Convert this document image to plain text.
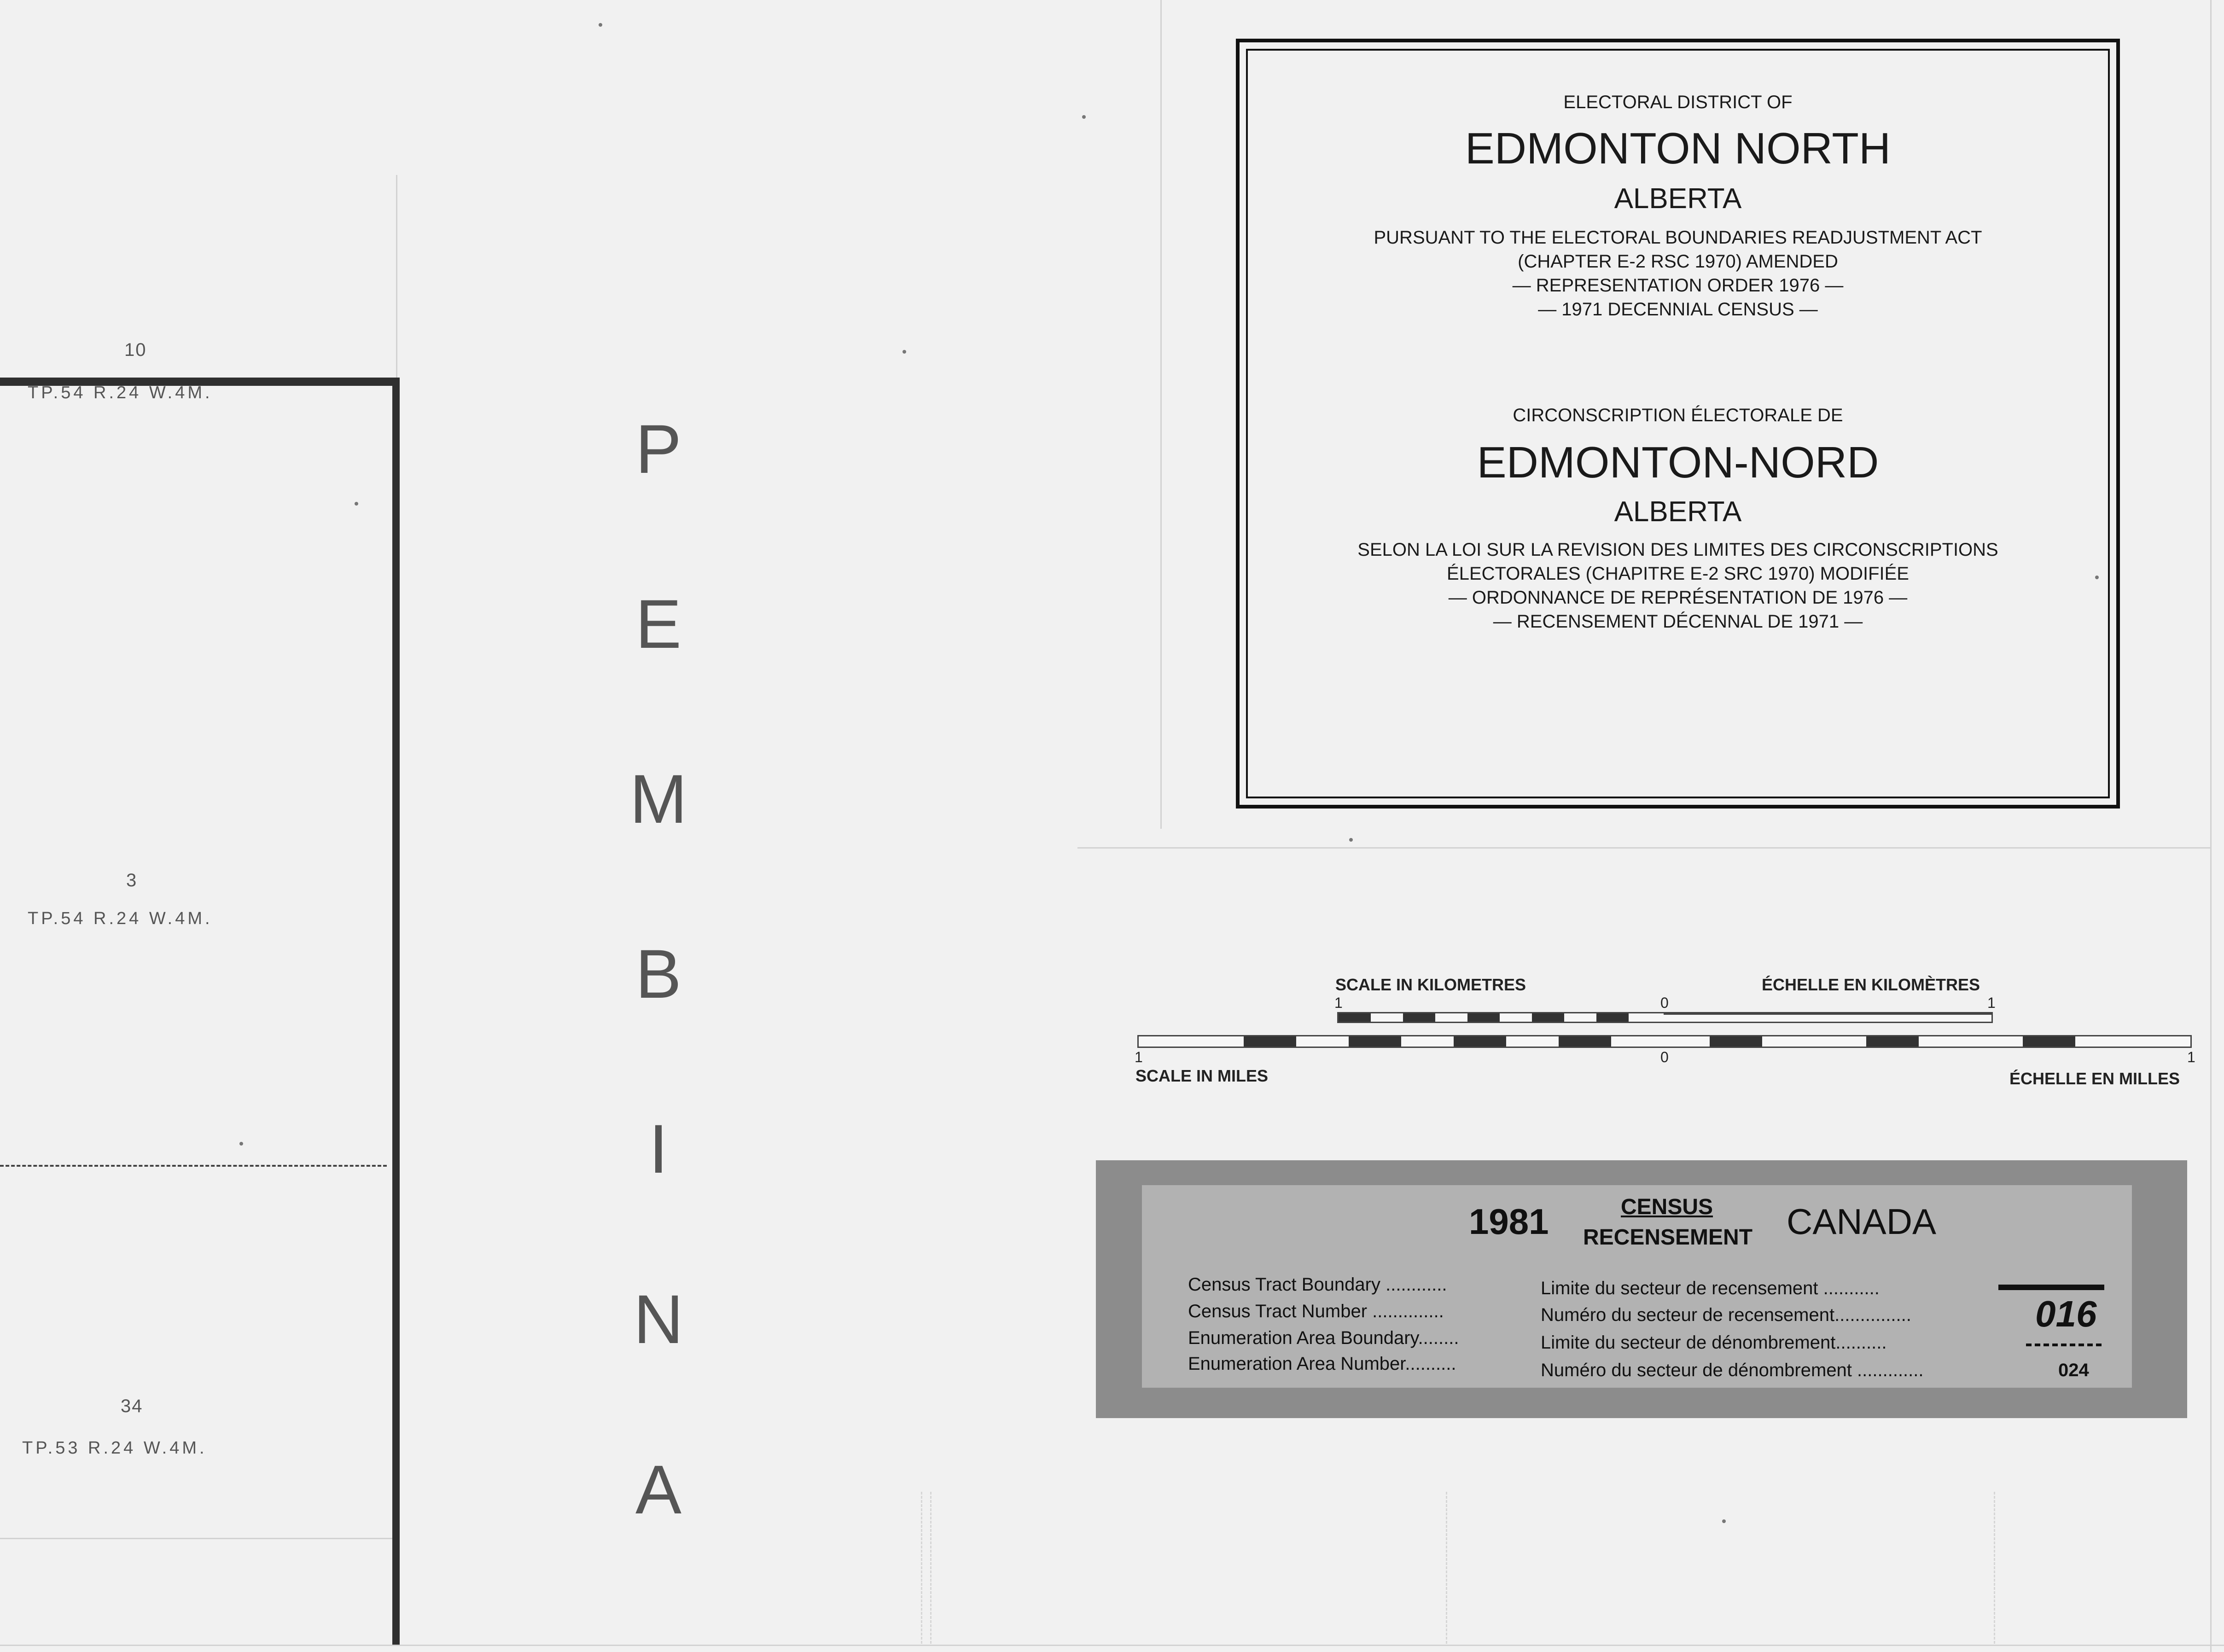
10
TP.54 R.24 W.4M.
3
TP.54 R.24 W.4M.
34
TP.53 R.24 W.4M.
P
E
M
B
I
N
A
ELECTORAL DISTRICT OF
EDMONTON NORTH
ALBERTA
PURSUANT TO THE ELECTORAL BOUNDARIES READJUSTMENT ACT
(CHAPTER E-2 RSC 1970) AMENDED
— REPRESENTATION ORDER 1976 —
— 1971 DECENNIAL CENSUS —
CIRCONSCRIPTION ÉLECTORALE DE
EDMONTON-NORD
ALBERTA
SELON LA LOI SUR LA REVISION DES LIMITES DES CIRCONSCRIPTIONS
ÉLECTORALES (CHAPITRE E-2 SRC 1970) MODIFIÉE
— ORDONNANCE DE REPRÉSENTATION DE 1976 —
— RECENSEMENT DÉCENNAL DE 1971 —
SCALE IN KILOMETRES	ÉCHELLE EN KILOMÈTRES
1	0	1
1	0	1
SCALE IN MILES	ÉCHELLE EN MILLES
1981	CENSUS
RECENSEMENT CANADA
Census Tract Boundary ............	Limite du secteur de recensement ...........
Census Tract Number ..............	Numéro du secteur de recensement...............	016
Enumeration Area Boundary........	Limite du secteur de dénombrement..........
Enumeration Area Number..........	Numéro du secteur de dénombrement .............	024
